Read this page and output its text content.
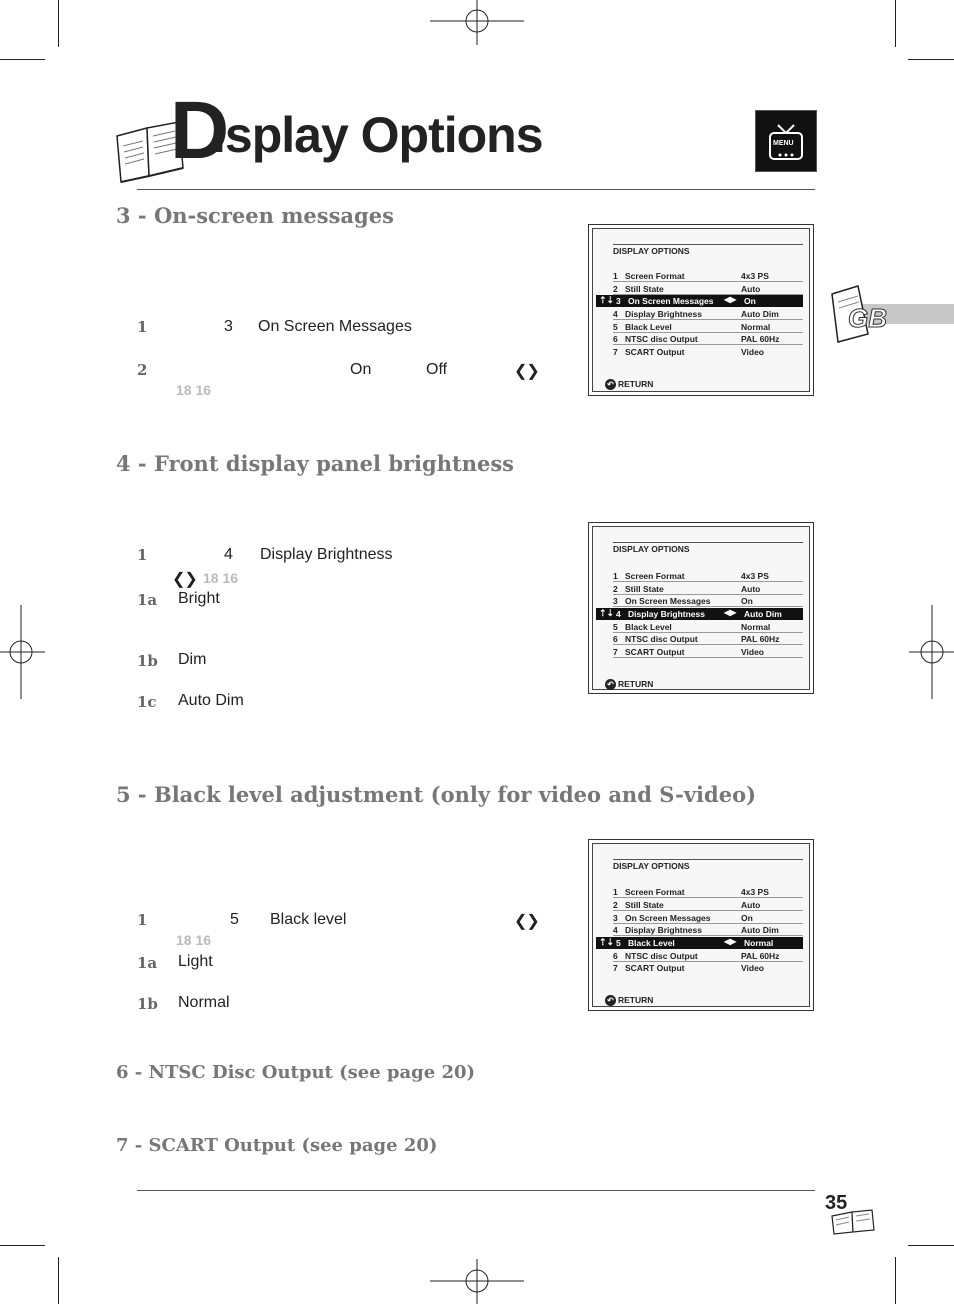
D
isplay Options	MENU
GB
3 - On-screen messages
1	3 On Screen Messages
2	On	Off	❮❯
18 16
DISPLAY OPTIONS
1 Screen Format	4x3 PS
2 Still State	Auto
⇡⇣ 3 On Screen Messages ◀▶ On
4 Display Brightness	Auto Dim
5 Black Level	Normal
6 NTSC disc Output	PAL 60Hz
7 SCART Output	Video
↶ RETURN
4 - Front display panel brightness
1	4 Display Brightness
❮❯ 18 16
1a Bright
1b Dim
1c Auto Dim
DISPLAY OPTIONS
1 Screen Format	4x3 PS
2 Still State	Auto
3 On Screen Messages	On
⇡⇣ 4 Display Brightness ◀▶ Auto Dim
5 Black Level	Normal
6 NTSC disc Output	PAL 60Hz
7 SCART Output	Video
↶ RETURN
5 - Black level adjustment (only for video and S-video)
1	5 Black level	❮❯
18 16
1a Light
1b Normal
DISPLAY OPTIONS
1 Screen Format	4x3 PS
2 Still State	Auto
3 On Screen Messages	On
4 Display Brightness	Auto Dim
⇡⇣ 5 Black Level	◀▶ Normal
6 NTSC disc Output	PAL 60Hz
7 SCART Output	Video
↶ RETURN
6 - NTSC Disc Output (see page 20)
7 - SCART Output (see page 20)
35
